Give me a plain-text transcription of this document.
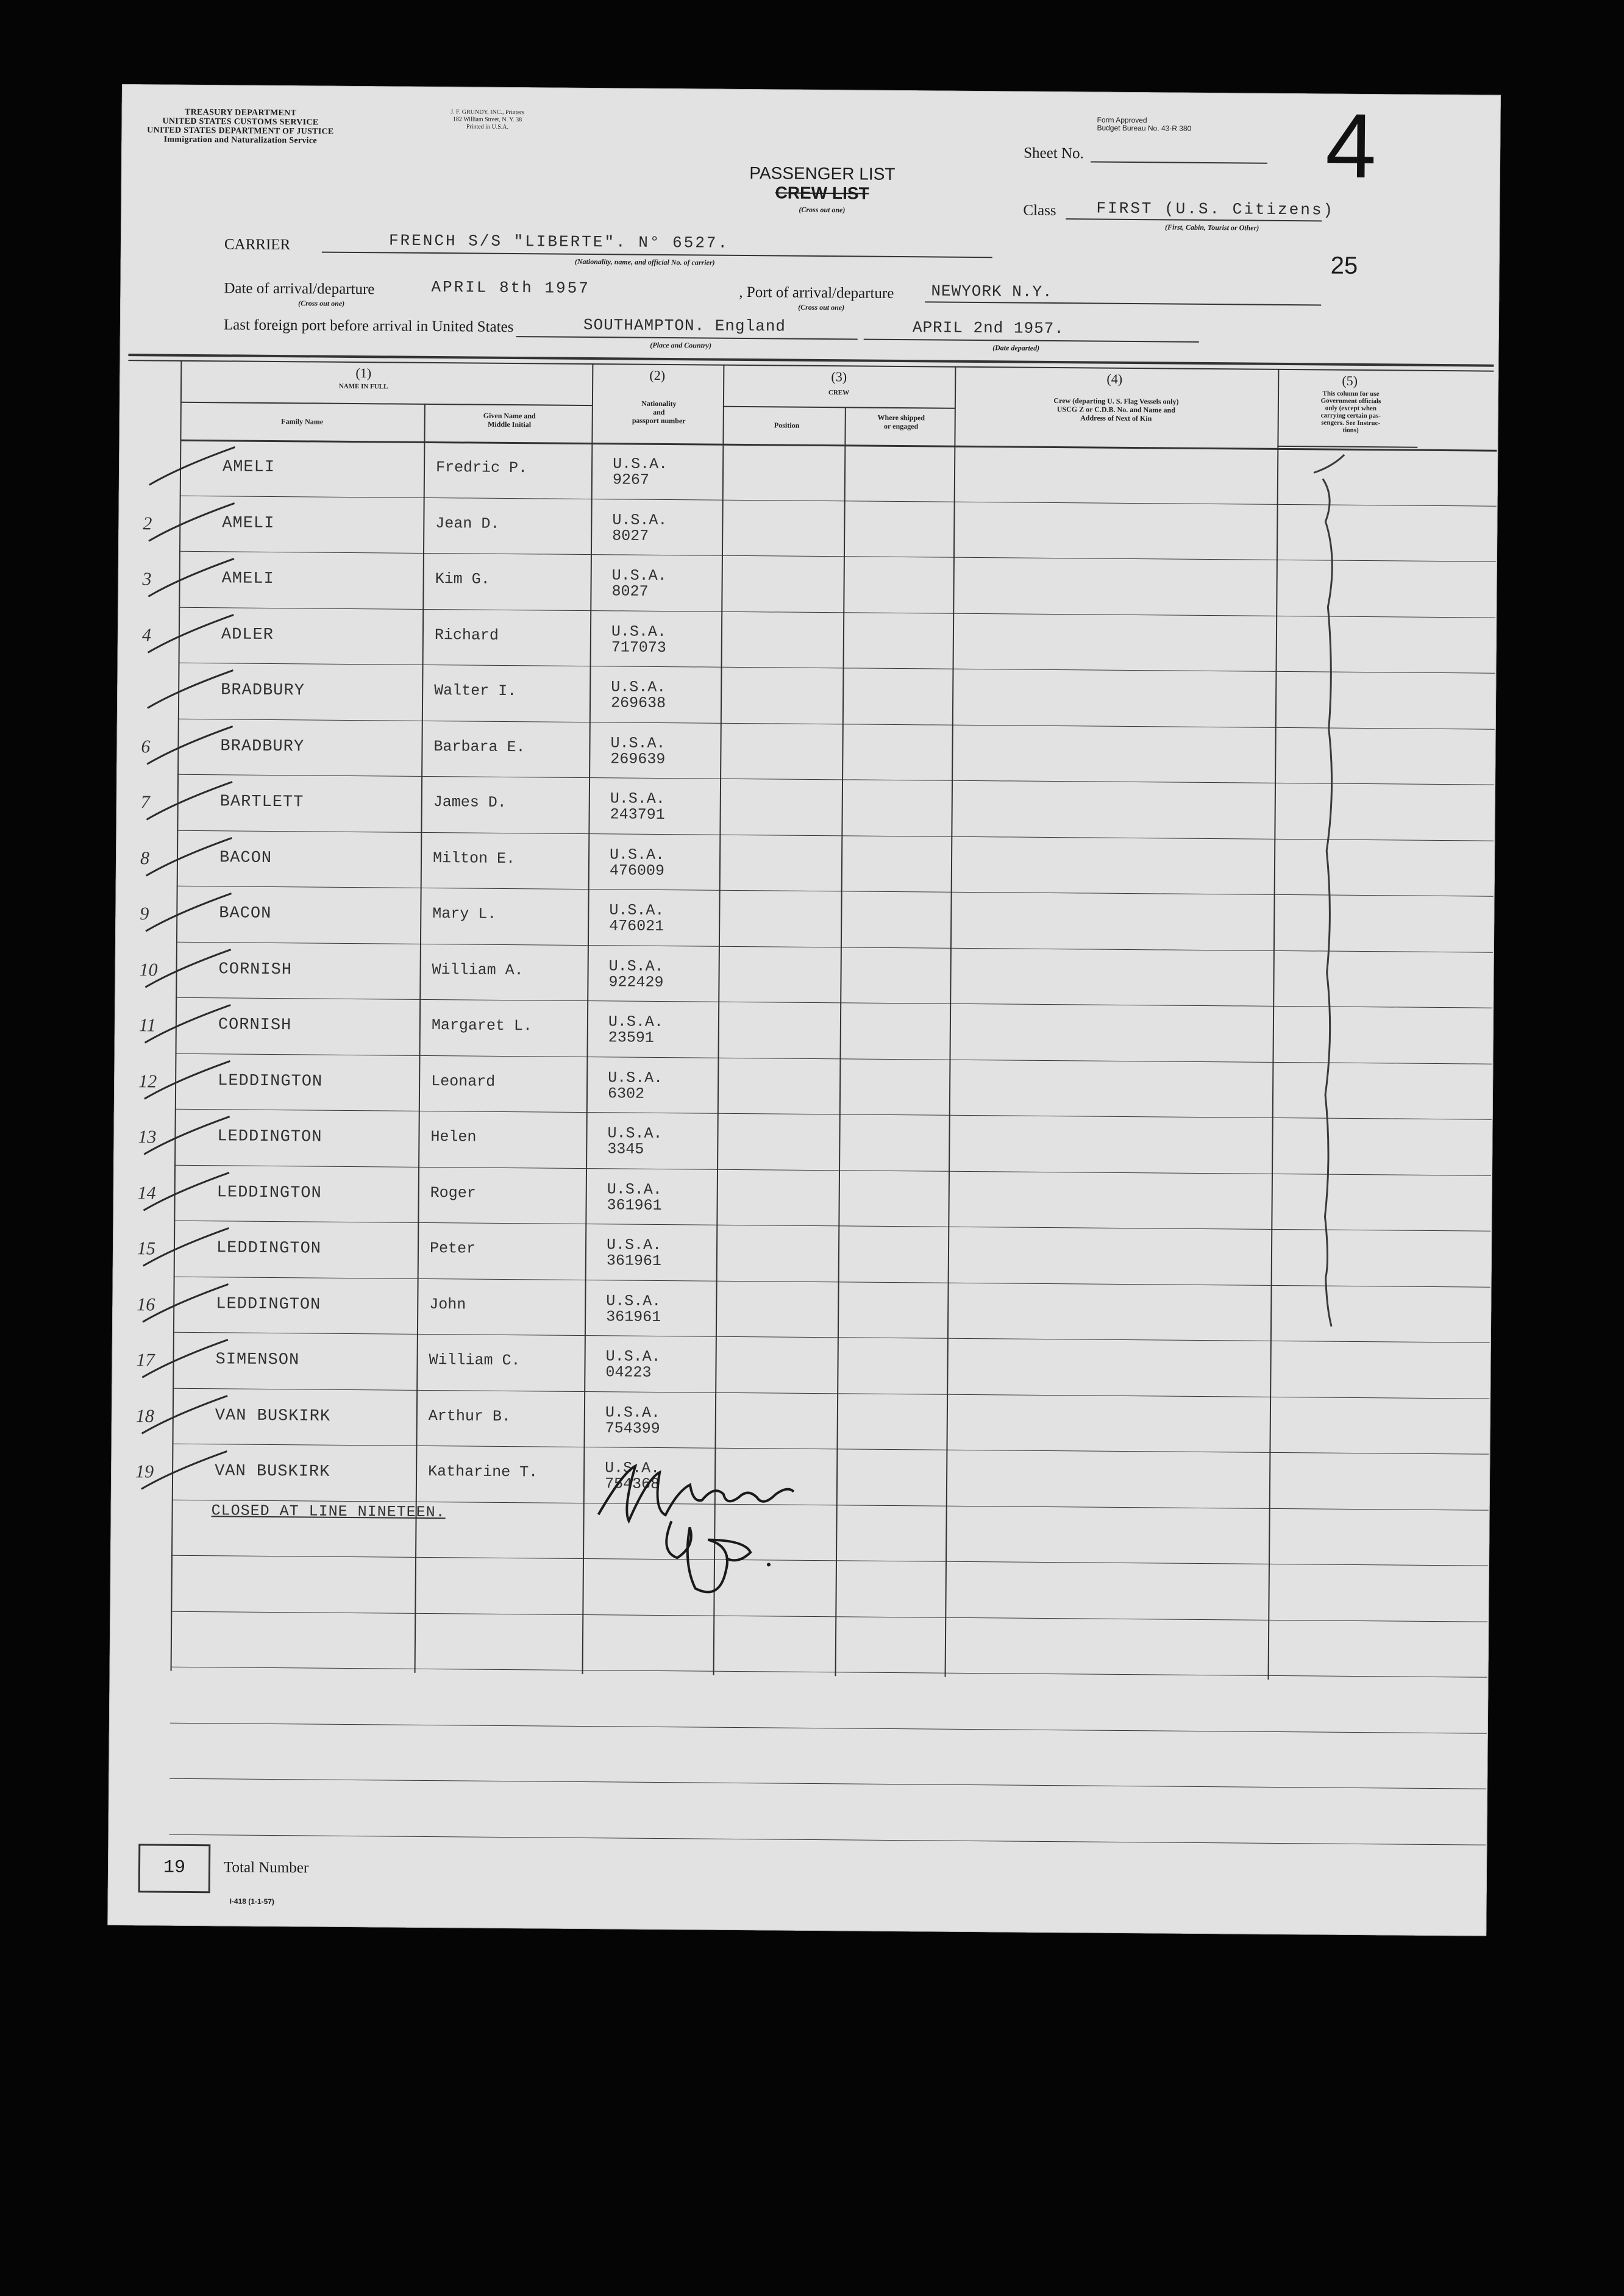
TREASURY DEPARTMENT
UNITED STATES CUSTOMS SERVICE
UNITED STATES DEPARTMENT OF JUSTICE
Immigration and Naturalization Service
J. F. GRUNDY, INC., Printers
182 William Street, N. Y. 38
Printed in U.S.A.
Form Approved
Budget Bureau No. 43-R 380
Sheet No.	4
PASSENGER LIST
CREW LIST
(Cross out one)	Class	FIRST (U.S. Citizens)
(First, Cabin, Tourist or Other)
25
CARRIER	FRENCH S/S "LIBERTE". N° 6527.
(Nationality, name, and official No. of carrier)
Date of arrival/departure
(Cross out one)
APRIL 8th 1957	, Port of arrival/departure
(Cross out one)
NEWYORK N.Y.
Last foreign port before arrival in United States	SOUTHAMPTON. England
(Place and Country)
APRIL 2nd 1957.
(Date departed)
(1)
NAME IN FULL
Family Name
Given Name and
Middle Initial
(2)
Nationality
and
passport number
(3)
CREW
Position
Where shipped
or engaged
(4)
Crew (departing U. S. Flag Vessels only)
USCG Z or C.D.B. No. and Name and
Address of Next of Kin
(5)
This column for use
Government officials
only (except when
carrying certain pas-
sengers. See Instruc-
tions)
AMELI	Fredric P.	U.S.A.
9267
2	AMELI	Jean D.	U.S.A.
8027
3	AMELI	Kim G.	U.S.A.
8027
4	ADLER	Richard	U.S.A.
717073
BRADBURY	Walter I.	U.S.A.
269638
6	BRADBURY	Barbara E.	U.S.A.
269639
7	BARTLETT	James D.	U.S.A.
243791
8	BACON	Milton E.	U.S.A.
476009
9	BACON	Mary L.	U.S.A.
476021
10	CORNISH	William A.	U.S.A.
922429
11	CORNISH	Margaret L.	U.S.A.
23591
12	LEDDINGTON	Leonard	U.S.A.
6302
13	LEDDINGTON	Helen	U.S.A.
3345
14	LEDDINGTON	Roger	U.S.A.
361961
15	LEDDINGTON	Peter	U.S.A.
361961
16	LEDDINGTON	John	U.S.A.
361961
17	SIMENSON	William C.	U.S.A.
04223
18	VAN BUSKIRK	Arthur B.	U.S.A.
754399
19	VAN BUSKIRK	Katharine T.	U.S.A.
754368
CLOSED AT LINE NINETEEN.
19	Total Number
I-418 (1-1-57)
